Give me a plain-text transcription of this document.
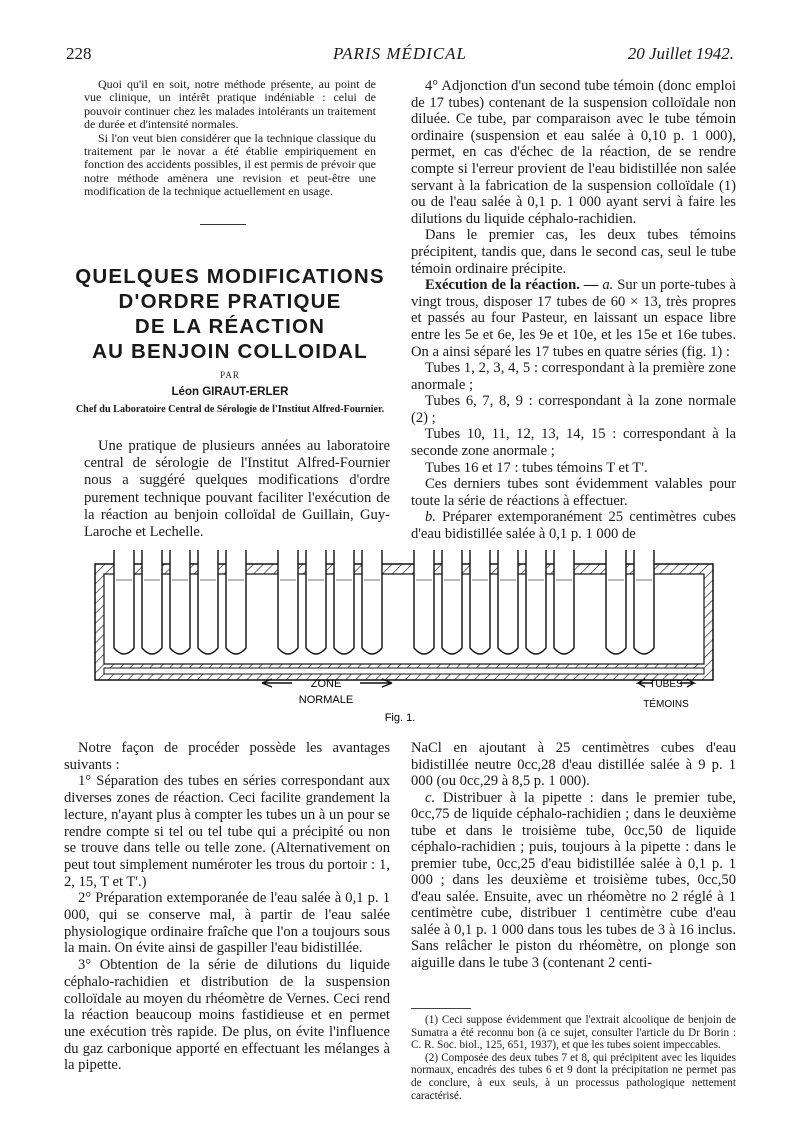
228	PARIS MÉDICAL	20 Juillet 1942.

Quoi qu'il en soit, notre méthode présente, au point de vue clinique, un intérêt pratique indéniable : celui de pouvoir continuer chez les malades intolérants un traitement de durée et d'intensité normales.

Si l'on veut bien considérer que la technique classique du traitement par le novar a été établie empiriquement en fonction des accidents possibles, il est permis de prévoir que notre méthode amènera une revision et peut-être une modification de la technique actuellement en usage.

QUELQUES MODIFICATIONS
D'ORDRE PRATIQUE
DE LA RÉACTION
AU BENJOIN COLLOIDAL
PAR
Léon GIRAUT-ERLER
Chef du Laboratoire Central de Sérologie de l'Institut Alfred-Fournier.

Une pratique de plusieurs années au laboratoire central de sérologie de l'Institut Alfred-Fournier nous a suggéré quelques modifications d'ordre purement technique pouvant faciliter l'exécution de la réaction au benjoin colloïdal de Guillain, Guy-Laroche et Lechelle.

4° Adjonction d'un second tube témoin (donc emploi de 17 tubes) contenant de la suspension colloïdale non diluée. Ce tube, par comparaison avec le tube témoin ordinaire (suspension et eau salée à 0,10 p. 1 000), permet, en cas d'échec de la réaction, de se rendre compte si l'erreur provient de l'eau bidistillée non salée servant à la fabrication de la suspension colloïdale (1) ou de l'eau salée à 0,1 p. 1 000 ayant servi à faire les dilutions du liquide céphalo-rachidien.

Dans le premier cas, les deux tubes témoins précipitent, tandis que, dans le second cas, seul le tube témoin ordinaire précipite.

Exécution de la réaction. — a. Sur un porte-tubes à vingt trous, disposer 17 tubes de 60 × 13, très propres et passés au four Pasteur, en laissant un espace libre entre les 5e et 6e, les 9e et 10e, et les 15e et 16e tubes. On a ainsi séparé les 17 tubes en quatre séries (fig. 1) :

Tubes 1, 2, 3, 4, 5 : correspondant à la première zone anormale ;

Tubes 6, 7, 8, 9 : correspondant à la zone normale (2) ;

Tubes 10, 11, 12, 13, 14, 15 : correspondant à la seconde zone anormale ;

Tubes 16 et 17 : tubes témoins T et T'.

Ces derniers tubes sont évidemment valables pour toute la série de réactions à effectuer.

b. Préparer extemporanément 25 centimètres cubes d'eau bidistillée salée à 0,1 p. 1 000 de

ZONE
NORMALE
TUBES
TÉMOINS
Fig. 1.

Notre façon de procéder possède les avantages suivants :

1° Séparation des tubes en séries correspondant aux diverses zones de réaction. Ceci facilite grandement la lecture, n'ayant plus à compter les tubes un à un pour se rendre compte si tel ou tel tube qui a précipité ou non se trouve dans telle ou telle zone. (Alternativement on peut tout simplement numéroter les trous du portoir : 1, 2, 15, T et T'.)

2° Préparation extemporanée de l'eau salée à 0,1 p. 1 000, qui se conserve mal, à partir de l'eau salée physiologique ordinaire fraîche que l'on a toujours sous la main. On évite ainsi de gaspiller l'eau bidistillée.

3° Obtention de la série de dilutions du liquide céphalo-rachidien et distribution de la suspension colloïdale au moyen du rhéomètre de Vernes. Ceci rend la réaction beaucoup moins fastidieuse et en permet une exécution très rapide. De plus, on évite l'influence du gaz carbonique apporté en effectuant les mélanges à la pipette.

NaCl en ajoutant à 25 centimètres cubes d'eau bidistillée neutre 0cc,28 d'eau distillée salée à 9 p. 1 000 (ou 0cc,29 à 8,5 p. 1 000).

c. Distribuer à la pipette : dans le premier tube, 0cc,75 de liquide céphalo-rachidien ; dans le deuxième tube et dans le troisième tube, 0cc,50 de liquide céphalo-rachidien ; puis, toujours à la pipette : dans le premier tube, 0cc,25 d'eau bidistillée salée à 0,1 p. 1 000 ; dans les deuxième et troisième tubes, 0cc,50 d'eau salée. Ensuite, avec un rhéomètre no 2 réglé à 1 centimètre cube, distribuer 1 centimètre cube d'eau salée à 0,1 p. 1 000 dans tous les tubes de 3 à 16 inclus. Sans relâcher le piston du rhéomètre, on plonge son aiguille dans le tube 3 (contenant 2 centi-

(1) Ceci suppose évidemment que l'extrait alcoolique de benjoin de Sumatra a été reconnu bon (à ce sujet, consulter l'article du Dr Borin : C. R. Soc. biol., 125, 651, 1937), et que les tubes soient impeccables.

(2) Composée des deux tubes 7 et 8, qui précipitent avec les liquides normaux, encadrés des tubes 6 et 9 dont la précipitation ne permet pas de conclure, à eux seuls, à un processus pathologique nettement caractérisé.
